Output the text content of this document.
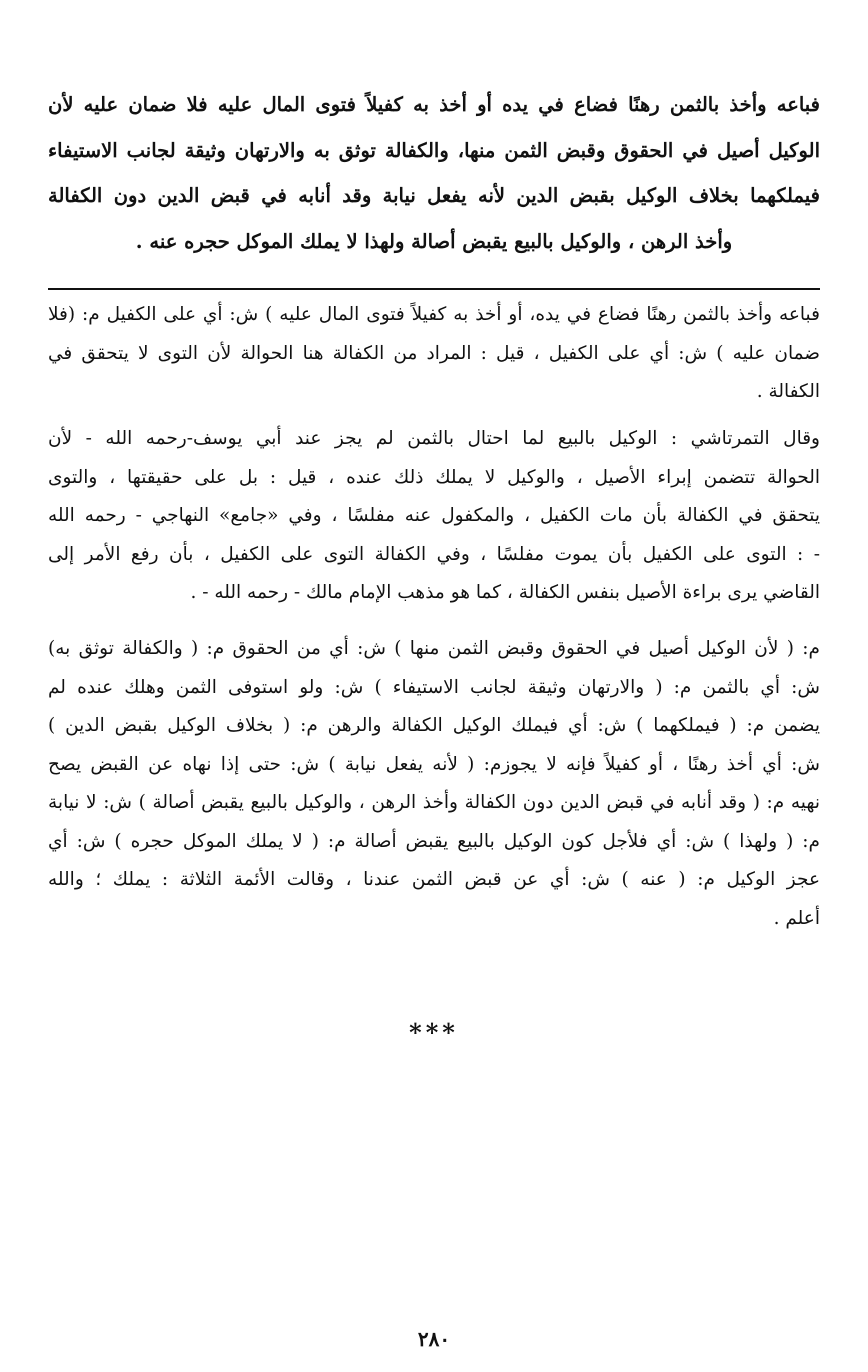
فباعه وأخذ بالثمن رهنًا فضاع في يده أو أخذ به كفيلاً فتوى المال عليه فلا ضمان عليه لأن
الوكيل أصيل في الحقوق وقبض الثمن منها، والكفالة توثق به والارتهان وثيقة لجانب الاستيفاء
فيملكهما بخلاف الوكيل بقبض الدين لأنه يفعل نيابة وقد أنابه في قبض الدين دون الكفالة
وأخذ الرهن ، والوكيل بالبيع يقبض أصالة ولهذا لا يملك الموكل حجره عنه .
فباعه وأخذ بالثمن رهنًا فضاع في يده، أو أخذ به كفيلاً فتوى المال عليه ) ش: أي على الكفيل م: (فلا
ضمان عليه ) ش: أي على الكفيل ، قيل : المراد من الكفالة هنا الحوالة لأن التوى لا يتحقق في
الكفالة .
وقال التمرتاشي : الوكيل بالبيع لما احتال بالثمن لم يجز عند أبي يوسف-رحمه الله - لأن
الحوالة تتضمن إبراء الأصيل ، والوكيل لا يملك ذلك عنده ، قيل : بل على حقيقتها ، والتوى
يتحقق في الكفالة بأن مات الكفيل ، والمكفول عنه مفلسًا ، وفي «جامع» النهاجي - رحمه الله
- : التوى على الكفيل بأن يموت مفلسًا ، وفي الكفالة التوى على الكفيل ، بأن رفع الأمر إلى
القاضي يرى براءة الأصيل بنفس الكفالة ، كما هو مذهب الإمام مالك - رحمه الله - .
م: ( لأن الوكيل أصيل في الحقوق وقبض الثمن منها ) ش: أي من الحقوق م: ( والكفالة توثق به)
ش: أي بالثمن م: ( والارتهان وثيقة لجانب الاستيفاء ) ش: ولو استوفى الثمن وهلك عنده لم
يضمن م: ( فيملكهما ) ش: أي فيملك الوكيل الكفالة والرهن م: ( بخلاف الوكيل بقبض الدين )
ش: أي أخذ رهنًا ، أو كفيلاً فإنه لا يجوزم: ( لأنه يفعل نيابة ) ش: حتى إذا نهاه عن القبض يصح
نهيه م: ( وقد أنابه في قبض الدين دون الكفالة وأخذ الرهن ، والوكيل بالبيع يقبض أصالة ) ش: لا نيابة
م: ( ولهذا ) ش: أي فلأجل كون الوكيل بالبيع يقبض أصالة م: ( لا يملك الموكل حجره ) ش: أي
عجز الوكيل م: ( عنه ) ش: أي عن قبض الثمن عندنا ، وقالت الأئمة الثلاثة : يملك ؛ والله
أعلم .
***
٢٨٠
